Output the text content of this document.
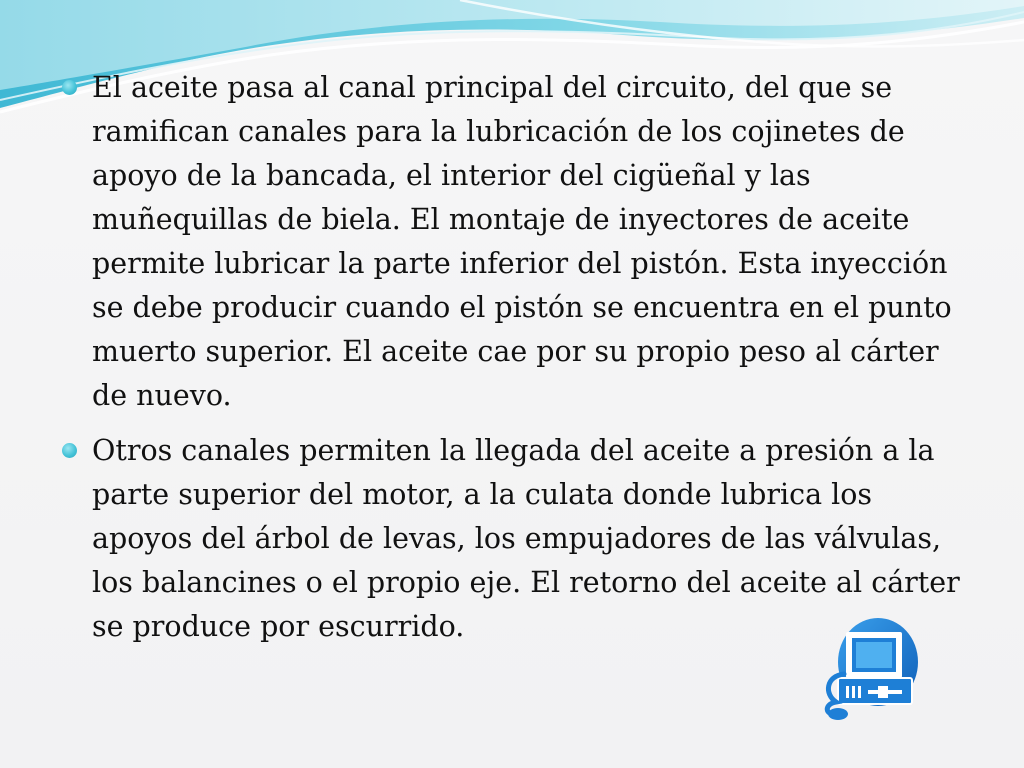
El aceite pasa al canal principal del circuito, del que se ramifican canales para la lubricación de los cojinetes de apoyo de la bancada, el interior del cigüeñal y las muñequillas de biela. El montaje de inyectores de aceite permite lubricar la parte inferior del pistón. Esta inyección se debe producir cuando el pistón se encuentra en el punto muerto superior. El aceite cae por su propio peso al cárter de nuevo.
Otros canales permiten la llegada del aceite a presión a la parte superior del motor, a la culata donde lubrica los apoyos del árbol de levas, los empujadores de las válvulas, los balancines o el propio eje. El retorno del aceite al cárter se produce por escurrido.
